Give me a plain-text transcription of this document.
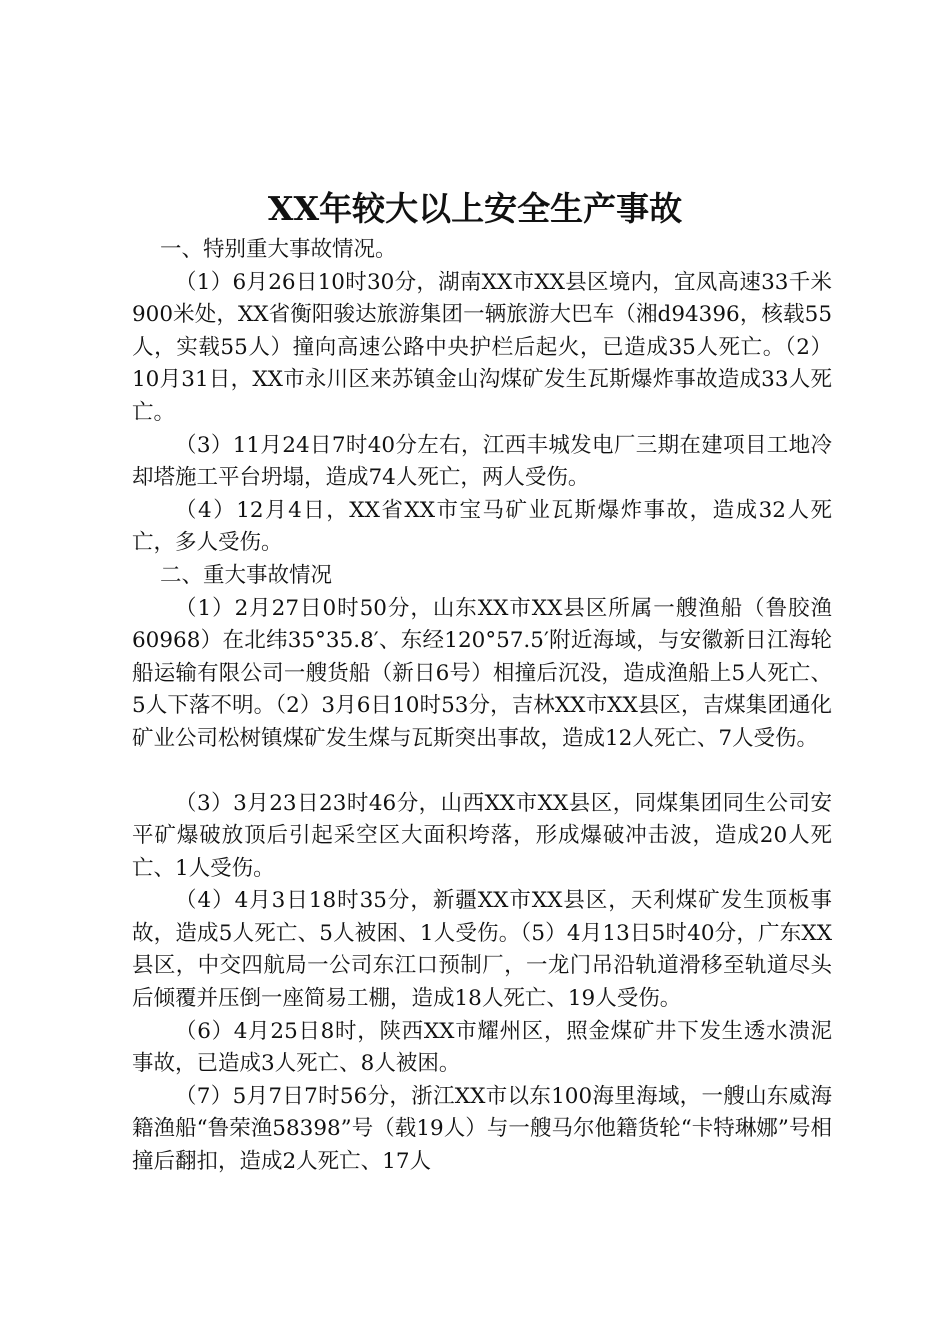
XX年较大以上安全生产事故

一、特别重大事故情况。

（1）6月26日10时30分，湖南XX市XX县区境内，宜凤高速33千米900米处，XX省衡阳骏达旅游集团一辆旅游大巴车（湘d94396，核载55人，实载55人）撞向高速公路中央护栏后起火，已造成35人死亡。（2）10月31日，XX市永川区来苏镇金山沟煤矿发生瓦斯爆炸事故造成33人死亡。

（3）11月24日7时40分左右，江西丰城发电厂三期在建项目工地冷却塔施工平台坍塌，造成74人死亡，两人受伤。

（4）12月4日，XX省XX市宝马矿业瓦斯爆炸事故，造成32人死亡，多人受伤。

二、重大事故情况

（1）2月27日0时50分，山东XX市XX县区所属一艘渔船（鲁胶渔60968）在北纬35°35.8′、东经120°57.5′附近海域，与安徽新日江海轮船运输有限公司一艘货船（新日6号）相撞后沉没，造成渔船上5人死亡、5人下落不明。（2）3月6日10时53分，吉林XX市XX县区，吉煤集团通化矿业公司松树镇煤矿发生煤与瓦斯突出事故，造成12人死亡、7人受伤。

（3）3月23日23时46分，山西XX市XX县区，同煤集团同生公司安平矿爆破放顶后引起采空区大面积垮落，形成爆破冲击波，造成20人死亡、1人受伤。

（4）4月3日18时35分，新疆XX市XX县区，天利煤矿发生顶板事故，造成5人死亡、5人被困、1人受伤。（5）4月13日5时40分，广东XX县区，中交四航局一公司东江口预制厂，一龙门吊沿轨道滑移至轨道尽头后倾覆并压倒一座简易工棚，造成18人死亡、19人受伤。

（6）4月25日8时，陕西XX市耀州区，照金煤矿井下发生透水溃泥事故，已造成3人死亡、8人被困。

（7）5月7日7时56分，浙江XX市以东100海里海域，一艘山东威海籍渔船“鲁荣渔58398”号（载19人）与一艘马尔他籍货轮“卡特琳娜”号相撞后翻扣，造成2人死亡、17人
